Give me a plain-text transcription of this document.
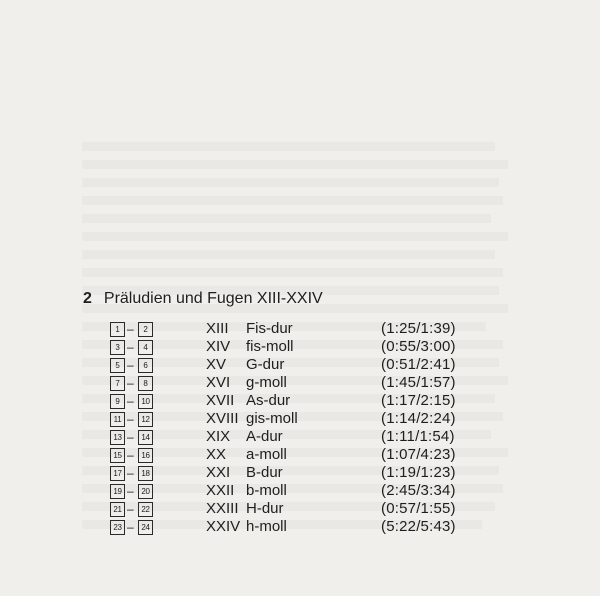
2 Präludien und Fugen XIII-XXIV
1 –	2	XIII Fis-dur	(1:25/1:39)
3 –	4	XIV fis-moll	(0:55/3:00)
5 –	6	XV G-dur	(0:51/2:41)
7 –	8	XVI g-moll	(1:45/1:57)
9 – 10	XVII As-dur	(1:17/2:15)
11 – 12	XVIII gis-moll	(1:14/2:24)
13 – 14	XIX A-dur	(1:11/1:54)
15 – 16	XX a-moll	(1:07/4:23)
17 – 18	XXI B-dur	(1:19/1:23)
19 – 20	XXII b-moll	(2:45/3:34)
21 – 22	XXIII H-dur	(0:57/1:55)
23 – 24	XXIV h-moll	(5:22/5:43)
